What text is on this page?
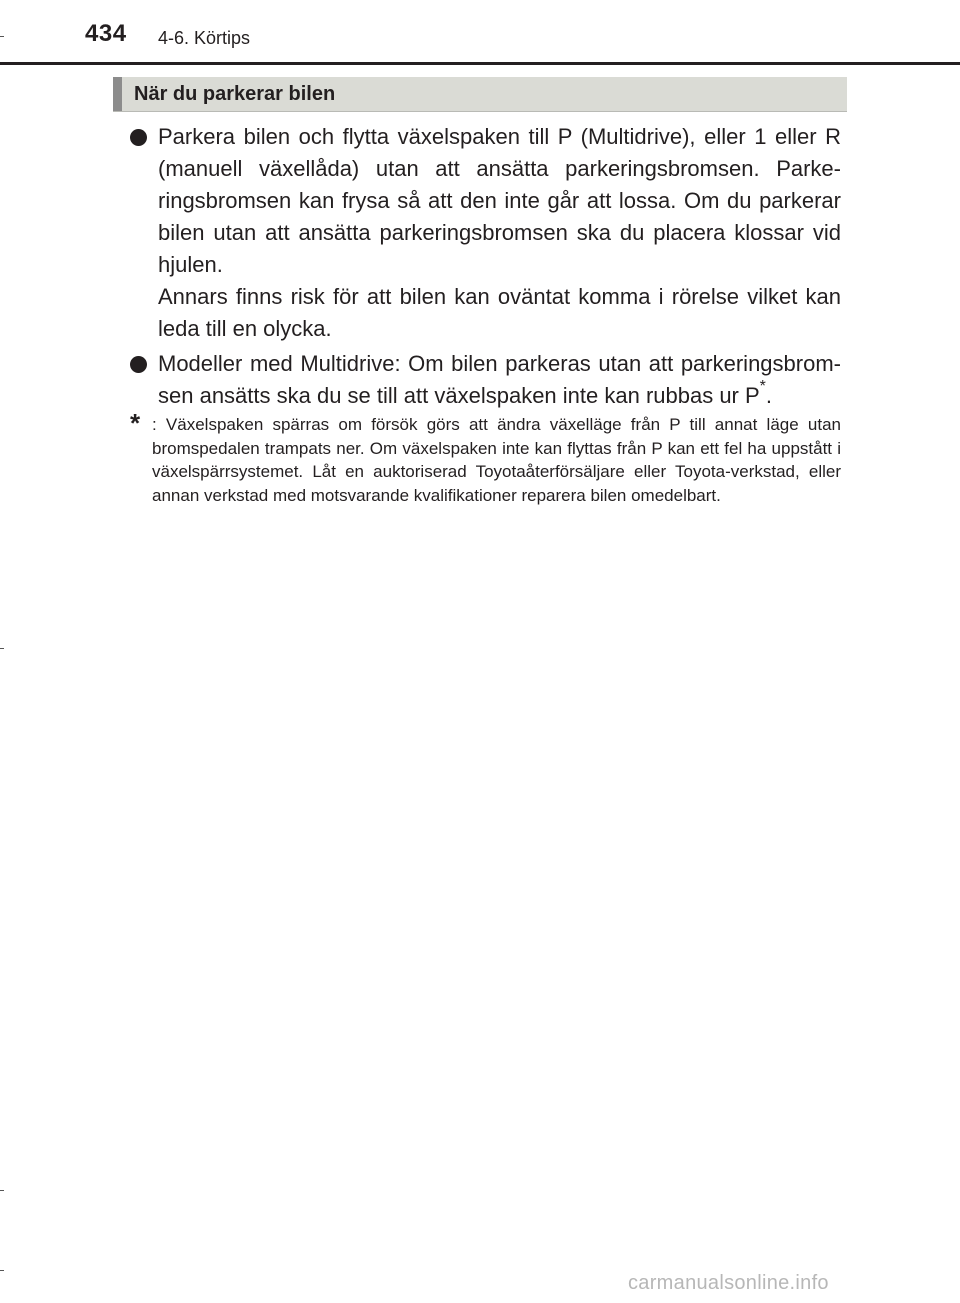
434 4-6. Körtips
När du parkerar bilen

Parkera bilen och flytta växelspaken till P (Multidrive), eller 1 eller R (manuell växellåda) utan att ansätta parkeringsbromsen. Parkeringsbromsen kan frysa så att den inte går att lossa. Om du parkerar bilen utan att ansätta parkeringsbromsen ska du placera klossar vid hjulen.

Annars finns risk för att bilen kan oväntat komma i rörelse vilket kan leda till en olycka.

Modeller med Multidrive: Om bilen parkeras utan att parkeringsbromsen ansätts ska du se till att växelspaken inte kan rubbas ur P*.

* : Växelspaken spärras om försök görs att ändra växelläge från P till annat läge utan bromspedalen trampats ner. Om växelspaken inte kan flyttas från P kan ett fel ha uppstått i växelspärrsystemet. Låt en auktoriserad Toyotaåterförsäljare eller Toyota-verkstad, eller annan verkstad med motsvarande kvalifikationer reparera bilen omedelbart.

carmanualsonline.info
